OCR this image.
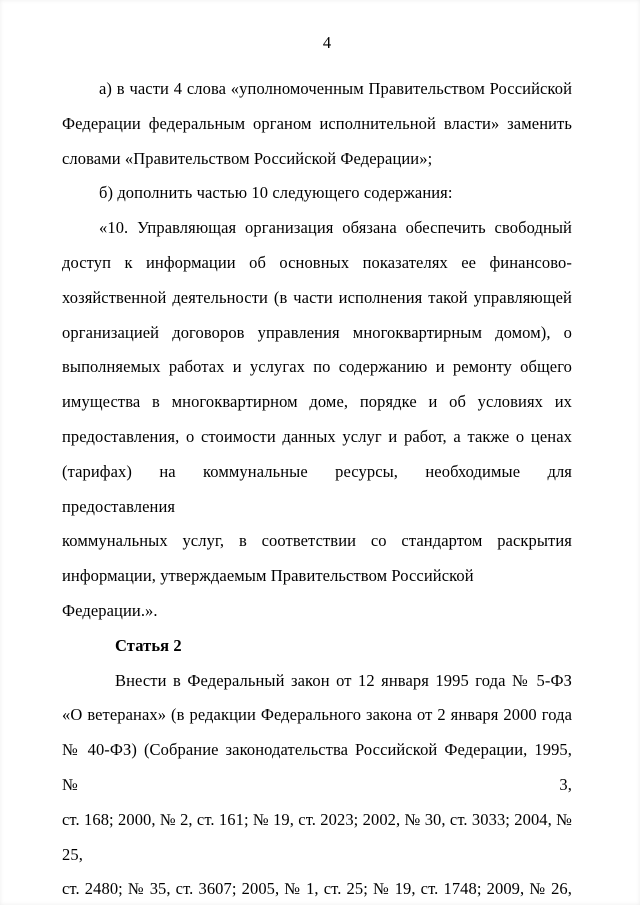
4
а) в части 4 слова «уполномоченным Правительством Российской
Федерации федеральным органом исполнительной власти» заменить
словами «Правительством Российской Федерации»;
б) дополнить частью 10 следующего содержания:
«10. Управляющая организация обязана обеспечить свободный
доступ к информации об основных показателях ее финансово-
хозяйственной деятельности (в части исполнения такой управляющей
организацией договоров управления многоквартирным домом), о
выполняемых работах и услугах по содержанию и ремонту общего
имущества в многоквартирном доме, порядке и об условиях их
предоставления, о стоимости данных услуг и работ, а также о ценах
(тарифах) на коммунальные ресурсы, необходимые для предоставления
коммунальных услуг, в соответствии со стандартом раскрытия
информации, утверждаемым Правительством Российской Федерации.».
Статья 2
Внести в Федеральный закон от 12 января 1995 года № 5-ФЗ
«О ветеранах» (в редакции Федерального закона от 2 января 2000 года
№ 40-ФЗ) (Собрание законодательства Российской Федерации, 1995, № 3,
ст. 168; 2000, № 2, ст. 161; № 19, ст. 2023; 2002, № 30, ст. 3033; 2004, № 25,
ст. 2480; № 35, ст. 3607; 2005, № 1, ст. 25; № 19, ст. 1748; 2009, № 26,
